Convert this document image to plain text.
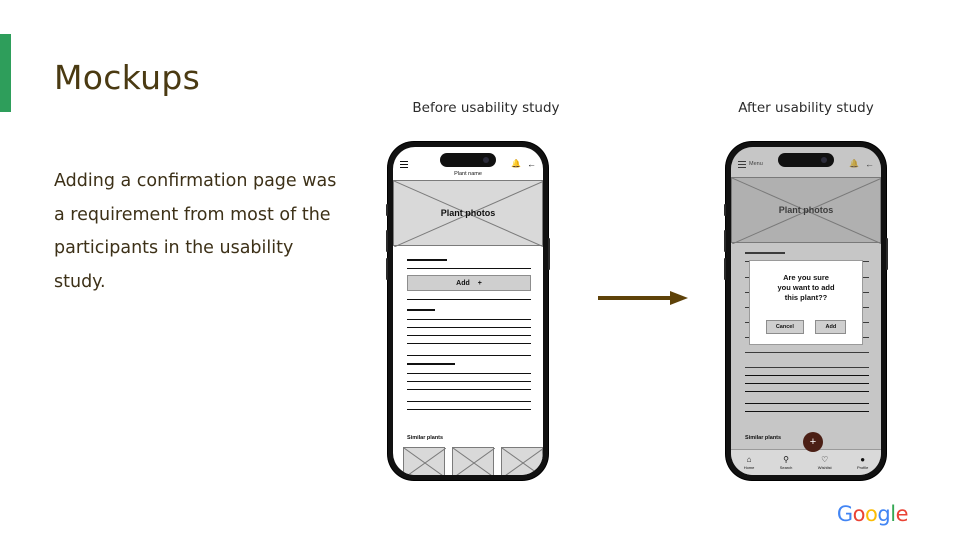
Mockups
Adding a confirmation page was a requirement from most of the participants in the usability study.
Before usability study	After usability study
🔔 ←
Plant name
Plant photos
Add +
Similar plants
Menu	🔔 ←
Plant photos
Are you sure
you want to add
this plant??
Cancel	Add
Similar plants	+
⌂
Home
⚲
Search
♡
Wishlist
●
Profile
Google
